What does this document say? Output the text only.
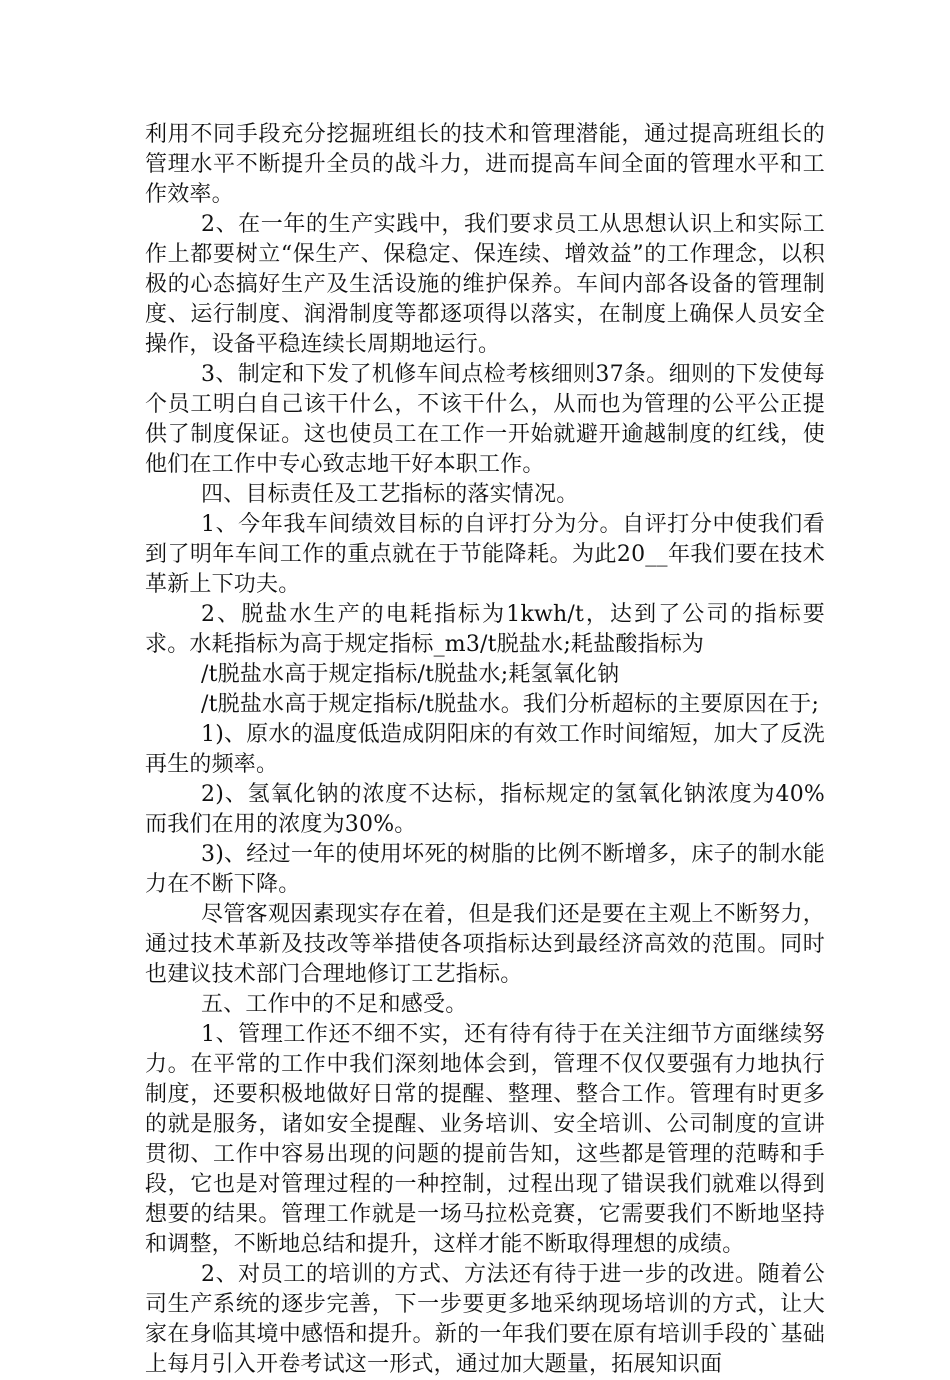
利用不同手段充分挖掘班组长的技术和管理潜能，通过提高班组长的管理水平不断提升全员的战斗力，进而提高车间全面的管理水平和工作效率。

2、在一年的生产实践中，我们要求员工从思想认识上和实际工作上都要树立“保生产、保稳定、保连续、增效益”的工作理念，以积极的心态搞好生产及生活设施的维护保养。车间内部各设备的管理制度、运行制度、润滑制度等都逐项得以落实，在制度上确保人员安全操作，设备平稳连续长周期地运行。

3、制定和下发了机修车间点检考核细则37条。细则的下发使每个员工明白自己该干什么，不该干什么，从而也为管理的公平公正提供了制度保证。这也使员工在工作一开始就避开逾越制度的红线，使他们在工作中专心致志地干好本职工作。

四、目标责任及工艺指标的落实情况。

1、今年我车间绩效目标的自评打分为分。自评打分中使我们看到了明年车间工作的重点就在于节能降耗。为此20__年我们要在技术革新上下功夫。

2、脱盐水生产的电耗指标为1kwh/t，达到了公司的指标要求。水耗指标为高于规定指标_m3/t脱盐水;耗盐酸指标为

/t脱盐水高于规定指标/t脱盐水;耗氢氧化钠

/t脱盐水高于规定指标/t脱盐水。我们分析超标的主要原因在于;

1)、原水的温度低造成阴阳床的有效工作时间缩短，加大了反洗再生的频率。

2)、氢氧化钠的浓度不达标，指标规定的氢氧化钠浓度为40%而我们在用的浓度为30%。

3)、经过一年的使用坏死的树脂的比例不断增多，床子的制水能力在不断下降。

尽管客观因素现实存在着，但是我们还是要在主观上不断努力，通过技术革新及技改等举措使各项指标达到最经济高效的范围。同时也建议技术部门合理地修订工艺指标。

五、工作中的不足和感受。

1、管理工作还不细不实，还有待有待于在关注细节方面继续努力。在平常的工作中我们深刻地体会到，管理不仅仅要强有力地执行制度，还要积极地做好日常的提醒、整理、整合工作。管理有时更多的就是服务，诸如安全提醒、业务培训、安全培训、公司制度的宣讲贯彻、工作中容易出现的问题的提前告知，这些都是管理的范畴和手段，它也是对管理过程的一种控制，过程出现了错误我们就难以得到想要的结果。管理工作就是一场马拉松竞赛，它需要我们不断地坚持和调整，不断地总结和提升，这样才能不断取得理想的成绩。

2、对员工的培训的方式、方法还有待于进一步的改进。随着公司生产系统的逐步完善，下一步要更多地采纳现场培训的方式，让大家在身临其境中感悟和提升。新的一年我们要在原有培训手段的`基础上每月引入开卷考试这一形式，通过加大题量，拓展知识面
